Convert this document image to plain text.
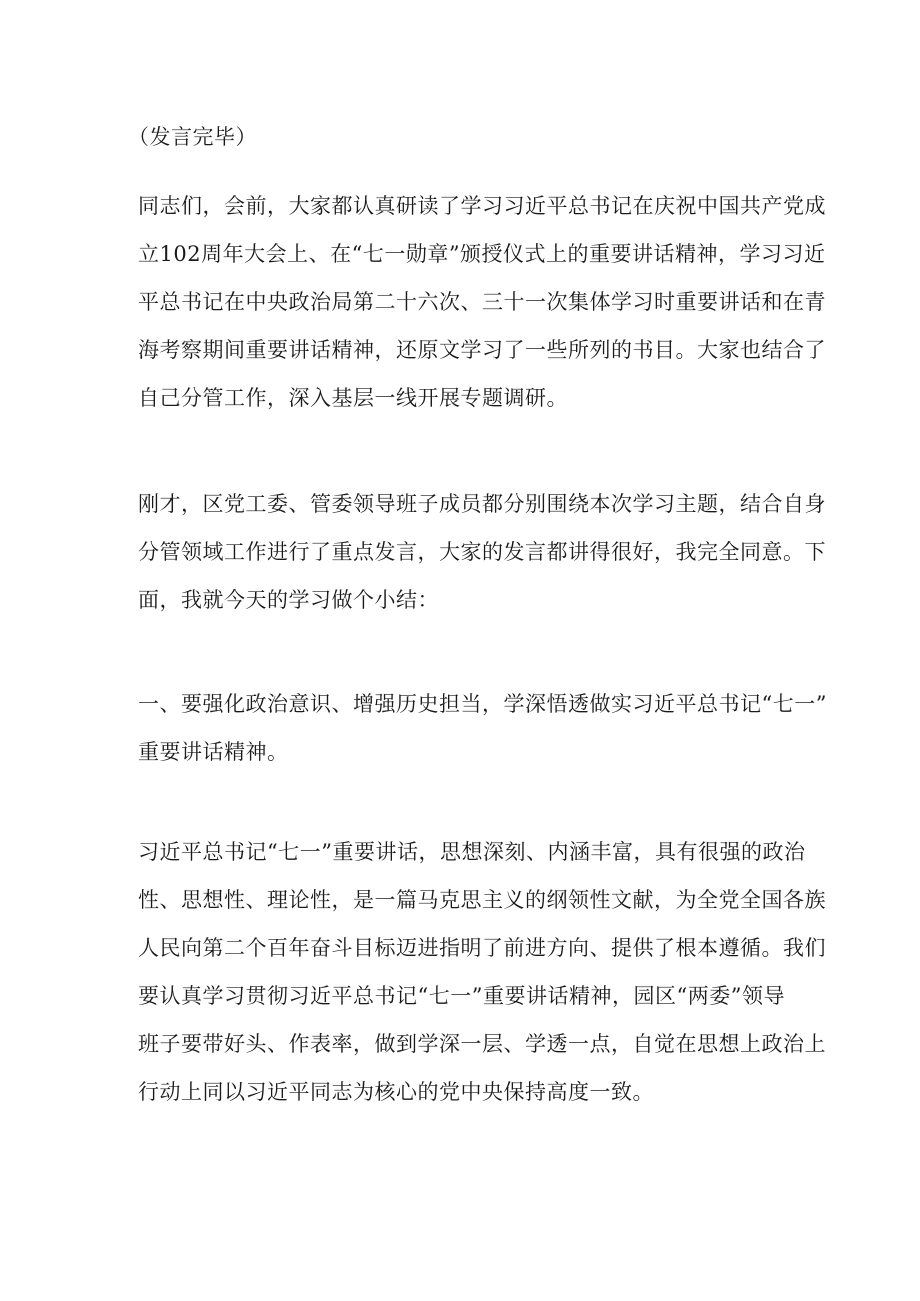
（发言完毕）

同志们，会前，大家都认真研读了学习习近平总书记在庆祝中国共产党成
立102周年大会上、在“七一勋章”颁授仪式上的重要讲话精神，学习习近
平总书记在中央政治局第二十六次、三十一次集体学习时重要讲话和在青
海考察期间重要讲话精神，还原文学习了一些所列的书目。大家也结合了
自己分管工作，深入基层一线开展专题调研。

刚才，区党工委、管委领导班子成员都分别围绕本次学习主题，结合自身
分管领域工作进行了重点发言，大家的发言都讲得很好，我完全同意。下
面，我就今天的学习做个小结：

一、要强化政治意识、增强历史担当，学深悟透做实习近平总书记“七一”
重要讲话精神。

习近平总书记“七一”重要讲话，思想深刻、内涵丰富，具有很强的政治
性、思想性、理论性，是一篇马克思主义的纲领性文献，为全党全国各族
人民向第二个百年奋斗目标迈进指明了前进方向、提供了根本遵循。我们
要认真学习贯彻习近平总书记“七一”重要讲话精神，园区“两委”领导
班子要带好头、作表率，做到学深一层、学透一点，自觉在思想上政治上
行动上同以习近平同志为核心的党中央保持高度一致。
